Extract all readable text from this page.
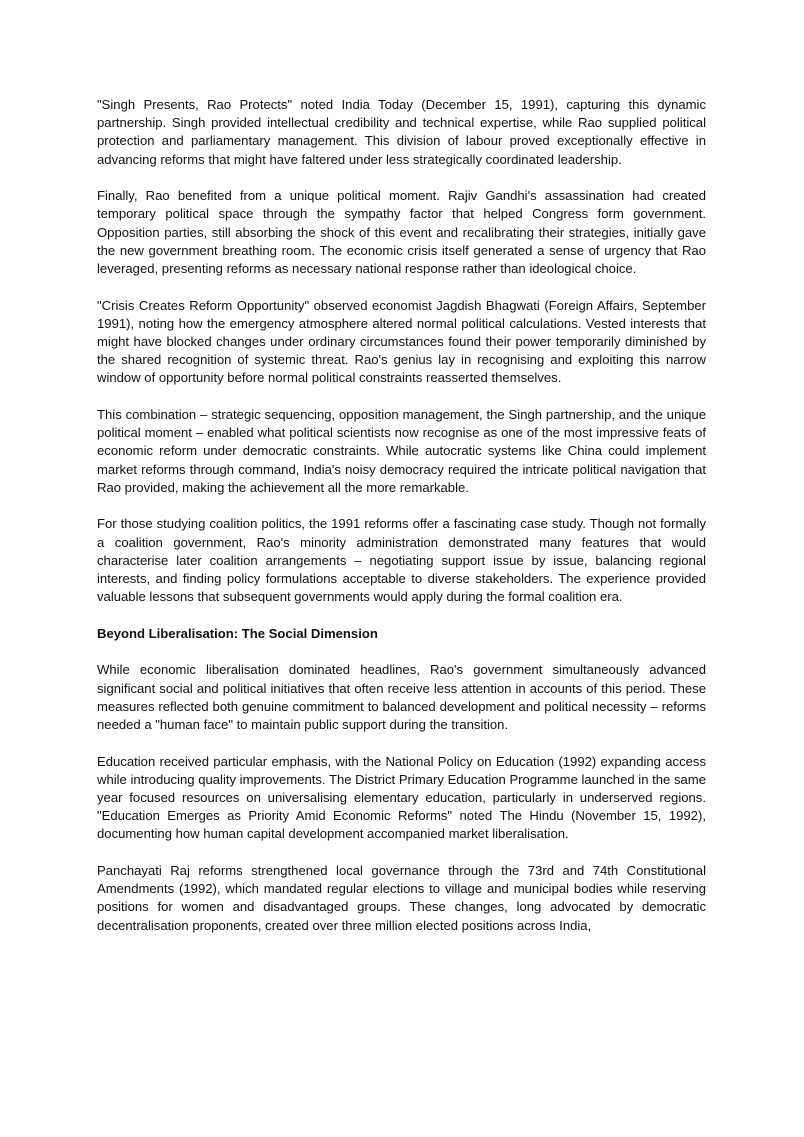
"Singh Presents, Rao Protects" noted India Today (December 15, 1991), capturing this dynamic partnership. Singh provided intellectual credibility and technical expertise, while Rao supplied political protection and parliamentary management. This division of labour proved exceptionally effective in advancing reforms that might have faltered under less strategically coordinated leadership.

Finally, Rao benefited from a unique political moment. Rajiv Gandhi's assassination had created temporary political space through the sympathy factor that helped Congress form government. Opposition parties, still absorbing the shock of this event and recalibrating their strategies, initially gave the new government breathing room. The economic crisis itself generated a sense of urgency that Rao leveraged, presenting reforms as necessary national response rather than ideological choice.

"Crisis Creates Reform Opportunity" observed economist Jagdish Bhagwati (Foreign Affairs, September 1991), noting how the emergency atmosphere altered normal political calculations. Vested interests that might have blocked changes under ordinary circumstances found their power temporarily diminished by the shared recognition of systemic threat. Rao's genius lay in recognising and exploiting this narrow window of opportunity before normal political constraints reasserted themselves.

This combination – strategic sequencing, opposition management, the Singh partnership, and the unique political moment – enabled what political scientists now recognise as one of the most impressive feats of economic reform under democratic constraints. While autocratic systems like China could implement market reforms through command, India's noisy democracy required the intricate political navigation that Rao provided, making the achievement all the more remarkable.

For those studying coalition politics, the 1991 reforms offer a fascinating case study. Though not formally a coalition government, Rao's minority administration demonstrated many features that would characterise later coalition arrangements – negotiating support issue by issue, balancing regional interests, and finding policy formulations acceptable to diverse stakeholders. The experience provided valuable lessons that subsequent governments would apply during the formal coalition era.

Beyond Liberalisation: The Social Dimension

While economic liberalisation dominated headlines, Rao's government simultaneously advanced significant social and political initiatives that often receive less attention in accounts of this period. These measures reflected both genuine commitment to balanced development and political necessity – reforms needed a "human face" to maintain public support during the transition.

Education received particular emphasis, with the National Policy on Education (1992) expanding access while introducing quality improvements. The District Primary Education Programme launched in the same year focused resources on universalising elementary education, particularly in underserved regions. "Education Emerges as Priority Amid Economic Reforms" noted The Hindu (November 15, 1992), documenting how human capital development accompanied market liberalisation.

Panchayati Raj reforms strengthened local governance through the 73rd and 74th Constitutional Amendments (1992), which mandated regular elections to village and municipal bodies while reserving positions for women and disadvantaged groups. These changes, long advocated by democratic decentralisation proponents, created over three million elected positions across India,
